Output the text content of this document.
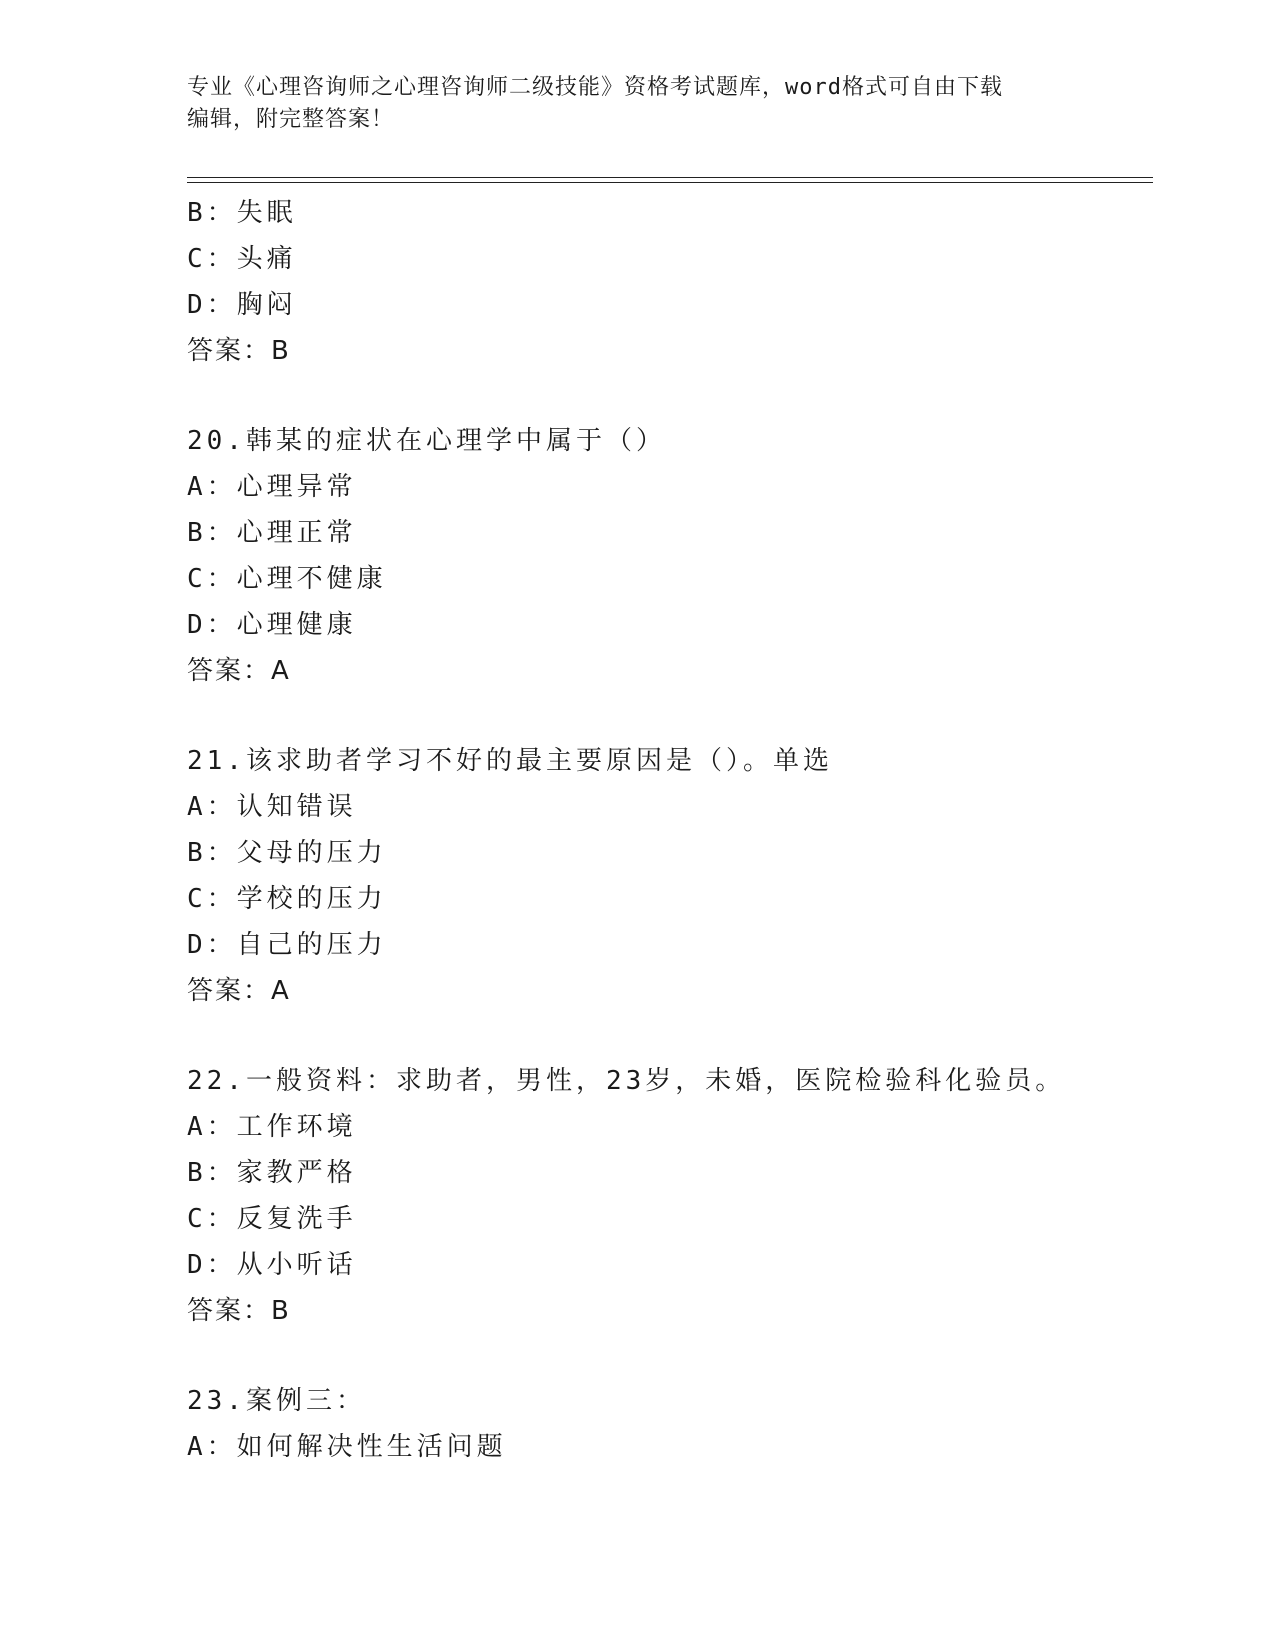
专业《心理咨询师之心理咨询师二级技能》资格考试题库，word格式可自由下载
编辑，附完整答案！
B：失眠
C：头痛
D：胸闷
答案：B
20.韩某的症状在心理学中属于（）
A：心理异常
B：心理正常
C：心理不健康
D：心理健康
答案：A
21.该求助者学习不好的最主要原因是（）。单选
A：认知错误
B：父母的压力
C：学校的压力
D：自己的压力
答案：A
22.一般资料：求助者，男性，23岁，未婚，医院检验科化验员。
A：工作环境
B：家教严格
C：反复洗手
D：从小听话
答案：B
23.案例三：
A：如何解决性生活问题
